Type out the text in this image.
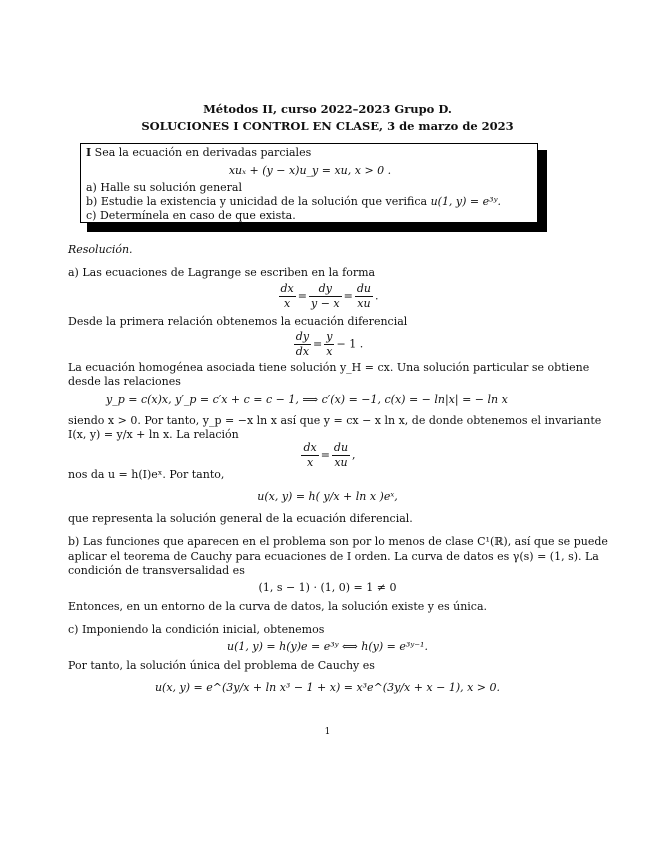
Métodos II, curso 2022–2023 Grupo D.
SOLUCIONES I CONTROL EN CLASE, 3 de marzo de 2023
I Sea la ecuación en derivadas parciales
xuₓ + (y − x)u_y = xu, x > 0 .
a) Halle su solución general
b) Estudie la existencia y unicidad de la solución que verifica u(1, y) = e³ʸ.
c) Determínela en caso de que exista.
Resolución.
a) Las ecuaciones de Lagrange se escriben en la forma
$\frac{dx}{x} = \frac{dy}{y - x} = \frac{du}{xu}$ .
Desde la primera relación obtenemos la ecuación diferencial
$\frac{dy}{dx} = \frac{y}{x} - 1$ .
La ecuación homogénea asociada tiene solución y_H = cx. Una solución particular se obtiene
desde las relaciones
y_p = c(x)x, y′_p = c′x + c = c − 1, ⟹ c′(x) = −1, c(x) = − ln|x| = − ln x
siendo x > 0. Por tanto, y_p = −x ln x así que y = cx − x ln x, de donde obtenemos el invariante
I(x, y) = y/x + ln x. La relación
$\frac{dx}{x} = \frac{du}{xu}$ ,
nos da u = h(I)eˣ. Por tanto,
u(x, y) = h( y/x + ln x )eˣ,
que representa la solución general de la ecuación diferencial.
b) Las funciones que aparecen en el problema son por lo menos de clase C¹(ℝ), así que se puede
aplicar el teorema de Cauchy para ecuaciones de I orden. La curva de datos es γ(s) = (1, s). La
condición de transversalidad es
(1, s − 1) · (1, 0) = 1 ≠ 0
Entonces, en un entorno de la curva de datos, la solución existe y es única.
c) Imponiendo la condición inicial, obtenemos
u(1, y) = h(y)e = e³ʸ ⟺ h(y) = e³ʸ⁻¹.
Por tanto, la solución única del problema de Cauchy es
u(x, y) = e^(3y/x + ln x³ − 1 + x) = x³e^(3y/x + x − 1), x > 0.
1
